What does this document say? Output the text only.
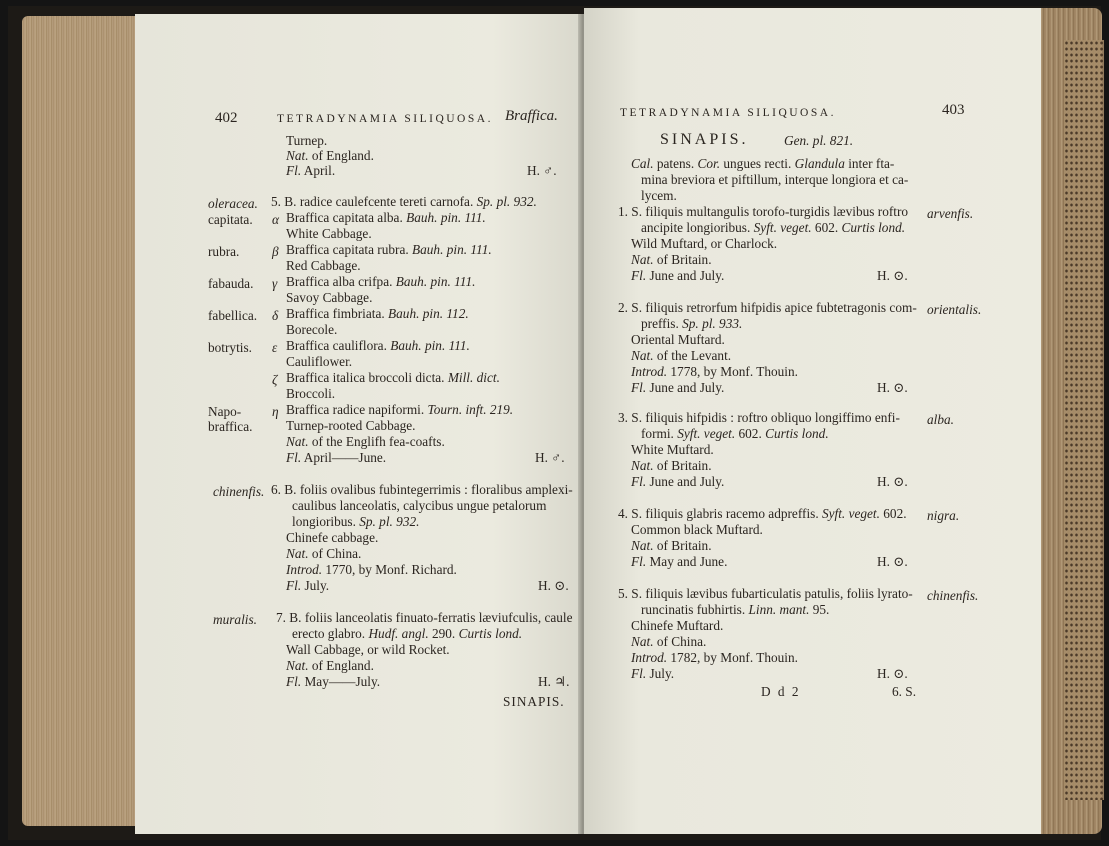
402	TETRADYNAMIA SILIQUOSA. Braffica.
Turnep.
Nat. of England.
Fl. April.	H. ♂.
oleracea. 5. B. radice caulefcente tereti carnofa. Sp. pl. 932.
capitata. α Braffica capitata alba. Bauh. pin. 111.
White Cabbage.
rubra. β Braffica capitata rubra. Bauh. pin. 111.
Red Cabbage.
fabauda. γ Braffica alba crifpa. Bauh. pin. 111.
Savoy Cabbage.
fabellica. δ Braffica fimbriata. Bauh. pin. 112.
Borecole.
botrytis. ε Braffica cauliflora. Bauh. pin. 111.
Cauliflower.
ζ Braffica italica broccoli dicta. Mill. dict.
Broccoli.
Napo-
braffica.
η Braffica radice napiformi. Tourn. inft. 219.
Turnep-rooted Cabbage.
Nat. of the Englifh fea-coafts.
Fl. April——June.	H. ♂.
chinenfis. 6. B. foliis ovalibus fubintegerrimis : floralibus amplexi-
caulibus lanceolatis, calycibus ungue petalorum
longioribus. Sp. pl. 932.
Chinefe cabbage.
Nat. of China.
Introd. 1770, by Monf. Richard.
Fl. July.	H. ⊙.
muralis. 7. B. foliis lanceolatis finuato-ferratis læviufculis, caule
erecto glabro. Hudf. angl. 290. Curtis lond.
Wall Cabbage, or wild Rocket.
Nat. of England.
Fl. May——July.	H. ♃.
SINAPIS.
TETRADYNAMIA SILIQUOSA.	403
SINAPIS.	Gen. pl. 821.
Cal. patens. Cor. ungues recti. Glandula inter fta-
mina breviora et piftillum, interque longiora et ca-
lycem.
arvenfis.
1. S. filiquis multangulis torofo-turgidis lævibus roftro
ancipite longioribus. Syft. veget. 602. Curtis lond.
Wild Muftard, or Charlock.
Nat. of Britain.
Fl. June and July.	H. ⊙.
orientalis.
2. S. filiquis retrorfum hifpidis apice fubtetragonis com-
preffis. Sp. pl. 933.
Oriental Muftard.
Nat. of the Levant.
Introd. 1778, by Monf. Thouin.
Fl. June and July.	H. ⊙.
alba.
3. S. filiquis hifpidis : roftro obliquo longiffimo enfi-
formi. Syft. veget. 602. Curtis lond.
White Muftard.
Nat. of Britain.
Fl. June and July.	H. ⊙.
nigra.
4. S. filiquis glabris racemo adpreffis. Syft. veget. 602.
Common black Muftard.
Nat. of Britain.
Fl. May and June.	H. ⊙.
chinenfis.
5. S. filiquis lævibus fubarticulatis patulis, foliis lyrato-
runcinatis fubhirtis. Linn. mant. 95.
Chinefe Muftard.
Nat. of China.
Introd. 1782, by Monf. Thouin.
Fl. July.	H. ⊙.
D d 2	6. S.
